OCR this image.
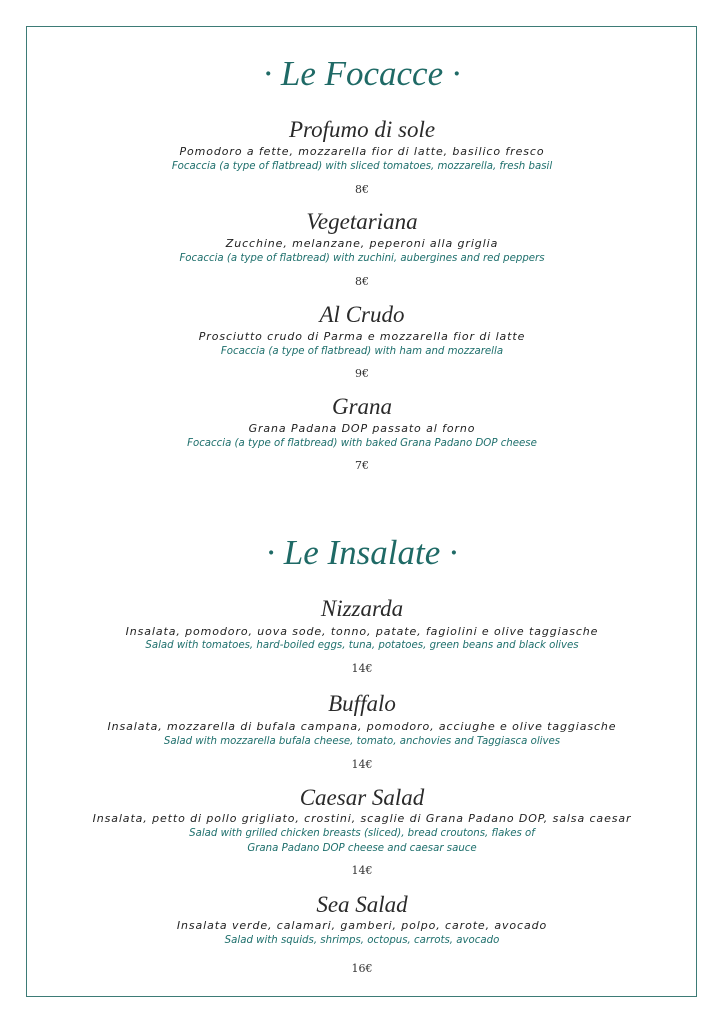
· Le Focacce ·
Profumo di sole
Pomodoro a fette, mozzarella fior di latte, basilico fresco
Focaccia (a type of flatbread) with sliced tomatoes, mozzarella, fresh basil
8€
Vegetariana
Zucchine, melanzane, peperoni alla griglia
Focaccia (a type of flatbread) with zuchini, aubergines and red peppers
8€
Al Crudo
Prosciutto crudo di Parma e mozzarella fior di latte
Focaccia (a type of flatbread) with ham and mozzarella
9€
Grana
Grana Padana DOP passato al forno
Focaccia (a type of flatbread) with baked Grana Padano DOP cheese
7€
· Le Insalate ·
Nizzarda
Insalata, pomodoro, uova sode, tonno, patate, fagiolini e olive taggiasche
Salad with tomatoes, hard-boiled eggs, tuna, potatoes, green beans and black olives
14€
Buffalo
Insalata, mozzarella di bufala campana, pomodoro, acciughe e olive taggiasche
Salad with mozzarella bufala cheese, tomato, anchovies and Taggiasca olives
14€
Caesar Salad
Insalata, petto di pollo grigliato, crostini, scaglie di Grana Padano DOP, salsa caesar
Salad with grilled chicken breasts (sliced), bread croutons, flakes of
Grana Padano DOP cheese and caesar sauce
14€
Sea Salad
Insalata verde, calamari, gamberi, polpo, carote, avocado
Salad with squids, shrimps, octopus, carrots, avocado
16€
